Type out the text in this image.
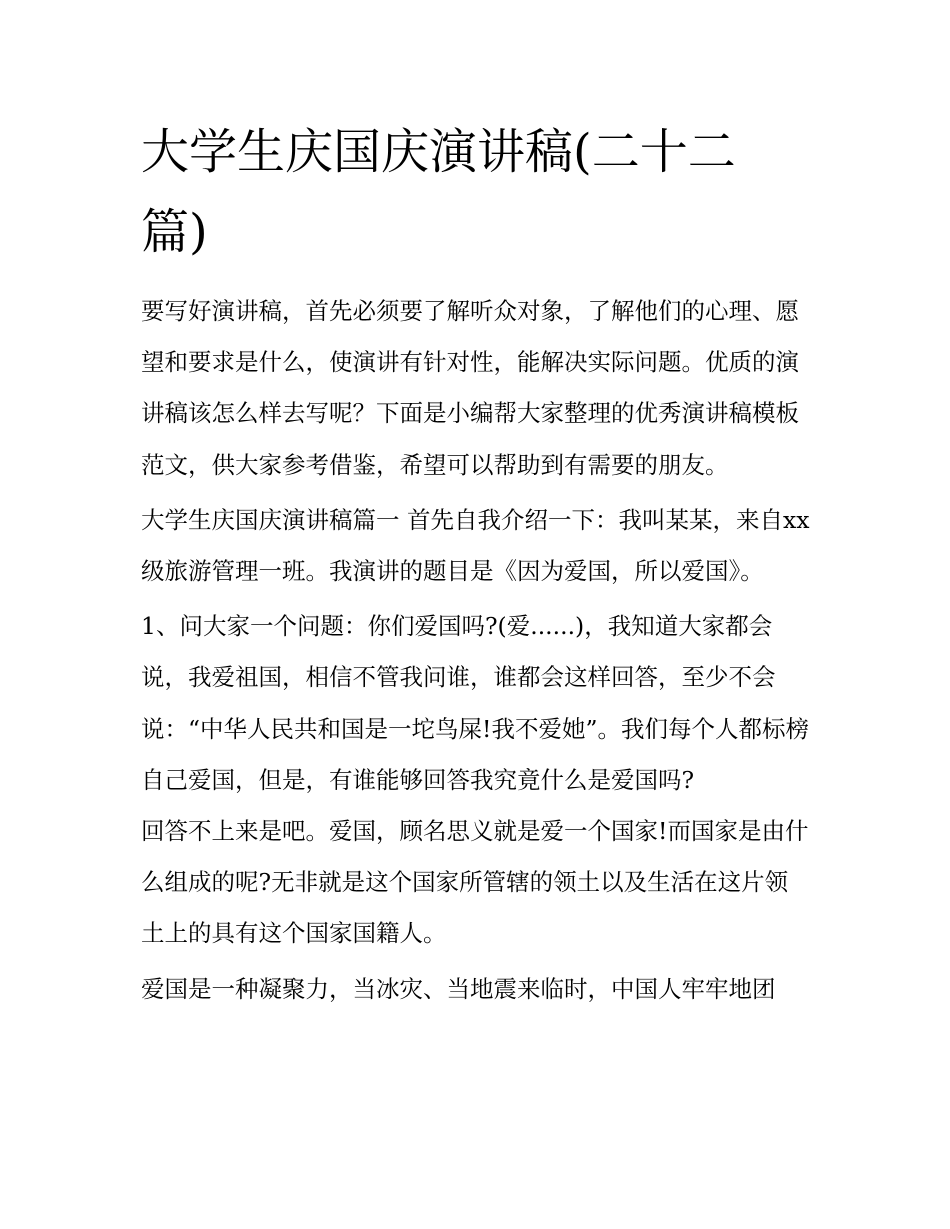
大学生庆国庆演讲稿(二十二篇)

要写好演讲稿，首先必须要了解听众对象，了解他们的心理、愿望和要求是什么，使演讲有针对性，能解决实际问题。优质的演讲稿该怎么样去写呢？下面是小编帮大家整理的优秀演讲稿模板范文，供大家参考借鉴，希望可以帮助到有需要的朋友。

大学生庆国庆演讲稿篇一 首先自我介绍一下：我叫某某，来自xx级旅游管理一班。我演讲的题目是《因为爱国，所以爱国》。

1、问大家一个问题：你们爱国吗?(爱......)，我知道大家都会说，我爱祖国，相信不管我问谁，谁都会这样回答，至少不会说：“中华人民共和国是一坨鸟屎!我不爱她”。我们每个人都标榜自己爱国，但是，有谁能够回答我究竟什么是爱国吗?

回答不上来是吧。爱国，顾名思义就是爱一个国家!而国家是由什么组成的呢?无非就是这个国家所管辖的领土以及生活在这片领土上的具有这个国家国籍人。

爱国是一种凝聚力，当冰灾、当地震来临时，中国人牢牢地团
